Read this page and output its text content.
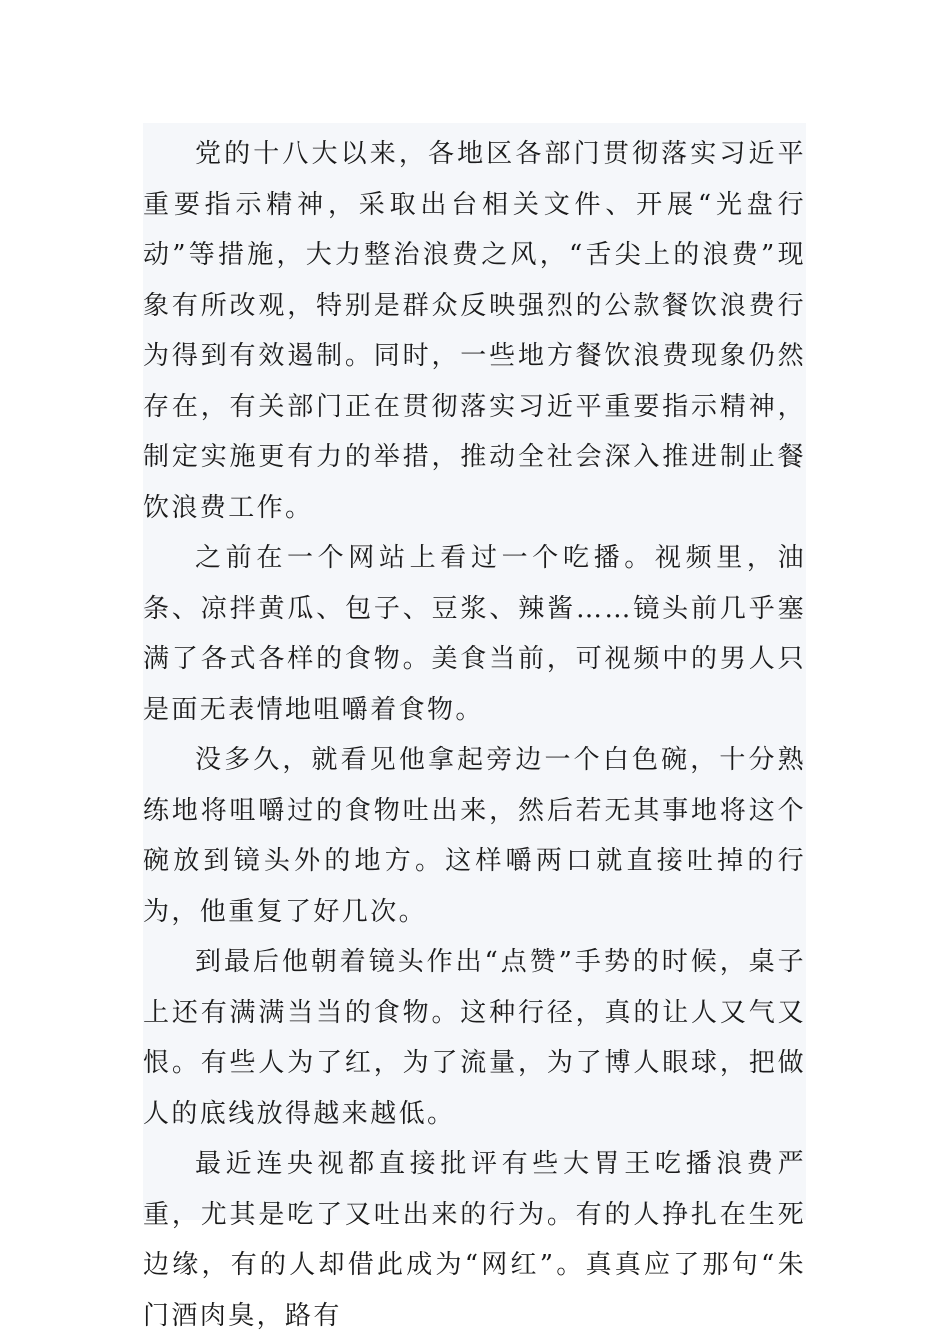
党的十八大以来，各地区各部门贯彻落实习近平重要指示精神，采取出台相关文件、开展“光盘行动”等措施，大力整治浪费之风，“舌尖上的浪费”现象有所改观，特别是群众反映强烈的公款餐饮浪费行为得到有效遏制。同时，一些地方餐饮浪费现象仍然存在，有关部门正在贯彻落实习近平重要指示精神，制定实施更有力的举措，推动全社会深入推进制止餐饮浪费工作。

之前在一个网站上看过一个吃播。视频里，油条、凉拌黄瓜、包子、豆浆、辣酱……镜头前几乎塞满了各式各样的食物。美食当前，可视频中的男人只是面无表情地咀嚼着食物。

没多久，就看见他拿起旁边一个白色碗，十分熟练地将咀嚼过的食物吐出来，然后若无其事地将这个碗放到镜头外的地方。这样嚼两口就直接吐掉的行为，他重复了好几次。

到最后他朝着镜头作出“点赞”手势的时候，桌子上还有满满当当的食物。这种行径，真的让人又气又恨。有些人为了红，为了流量，为了博人眼球，把做人的底线放得越来越低。

最近连央视都直接批评有些大胃王吃播浪费严重，尤其是吃了又吐出来的行为。有的人挣扎在生死边缘，有的人却借此成为“网红”。真真应了那句“朱门酒肉臭，路有
